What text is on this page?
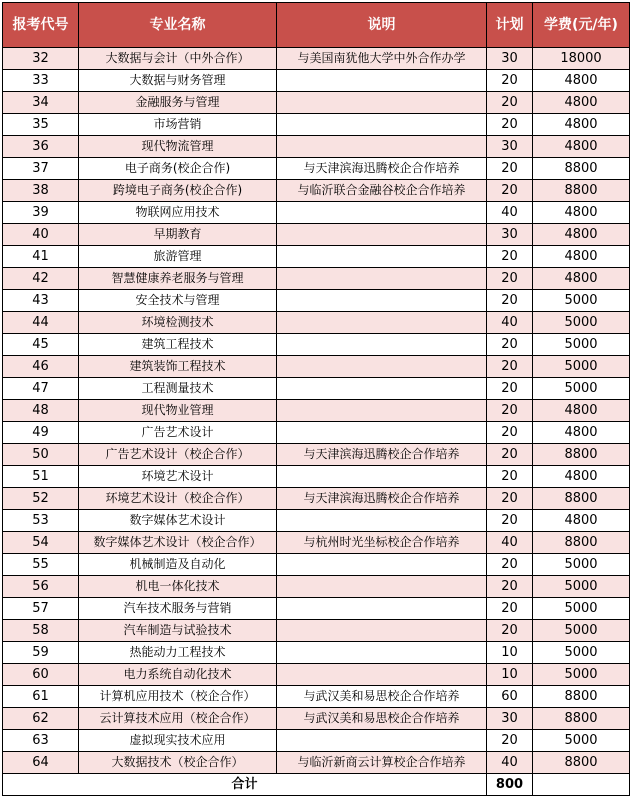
报考代号	专业名称	说明	计划	学费(元/年)
32	大数据与会计（中外合作）	与美国南犹他大学中外合作办学	30	18000
33	大数据与财务管理		20	4800
34	金融服务与管理		20	4800
35	市场营销		20	4800
36	现代物流管理		30	4800
37	电子商务(校企合作)	与天津滨海迅腾校企合作培养	20	8800
38	跨境电子商务(校企合作)	与临沂联合金融谷校企合作培养	20	8800
39	物联网应用技术		40	4800
40	早期教育		30	4800
41	旅游管理		20	4800
42	智慧健康养老服务与管理		20	4800
43	安全技术与管理		20	5000
44	环境检测技术		40	5000
45	建筑工程技术		20	5000
46	建筑装饰工程技术		20	5000
47	工程测量技术		20	5000
48	现代物业管理		20	4800
49	广告艺术设计		20	4800
50	广告艺术设计（校企合作）	与天津滨海迅腾校企合作培养	20	8800
51	环境艺术设计		20	4800
52	环境艺术设计（校企合作）	与天津滨海迅腾校企合作培养	20	8800
53	数字媒体艺术设计		20	4800
54	数字媒体艺术设计（校企合作）	与杭州时光坐标校企合作培养	40	8800
55	机械制造及自动化		20	5000
56	机电一体化技术		20	5000
57	汽车技术服务与营销		20	5000
58	汽车制造与试验技术		20	5000
59	热能动力工程技术		10	5000
60	电力系统自动化技术		10	5000
61	计算机应用技术（校企合作）	与武汉美和易思校企合作培养	60	8800
62	云计算技术应用（校企合作）	与武汉美和易思校企合作培养	30	8800
63	虚拟现实技术应用		20	5000
64	大数据技术（校企合作）	与临沂新商云计算校企合作培养	40	8800
合计			800	
